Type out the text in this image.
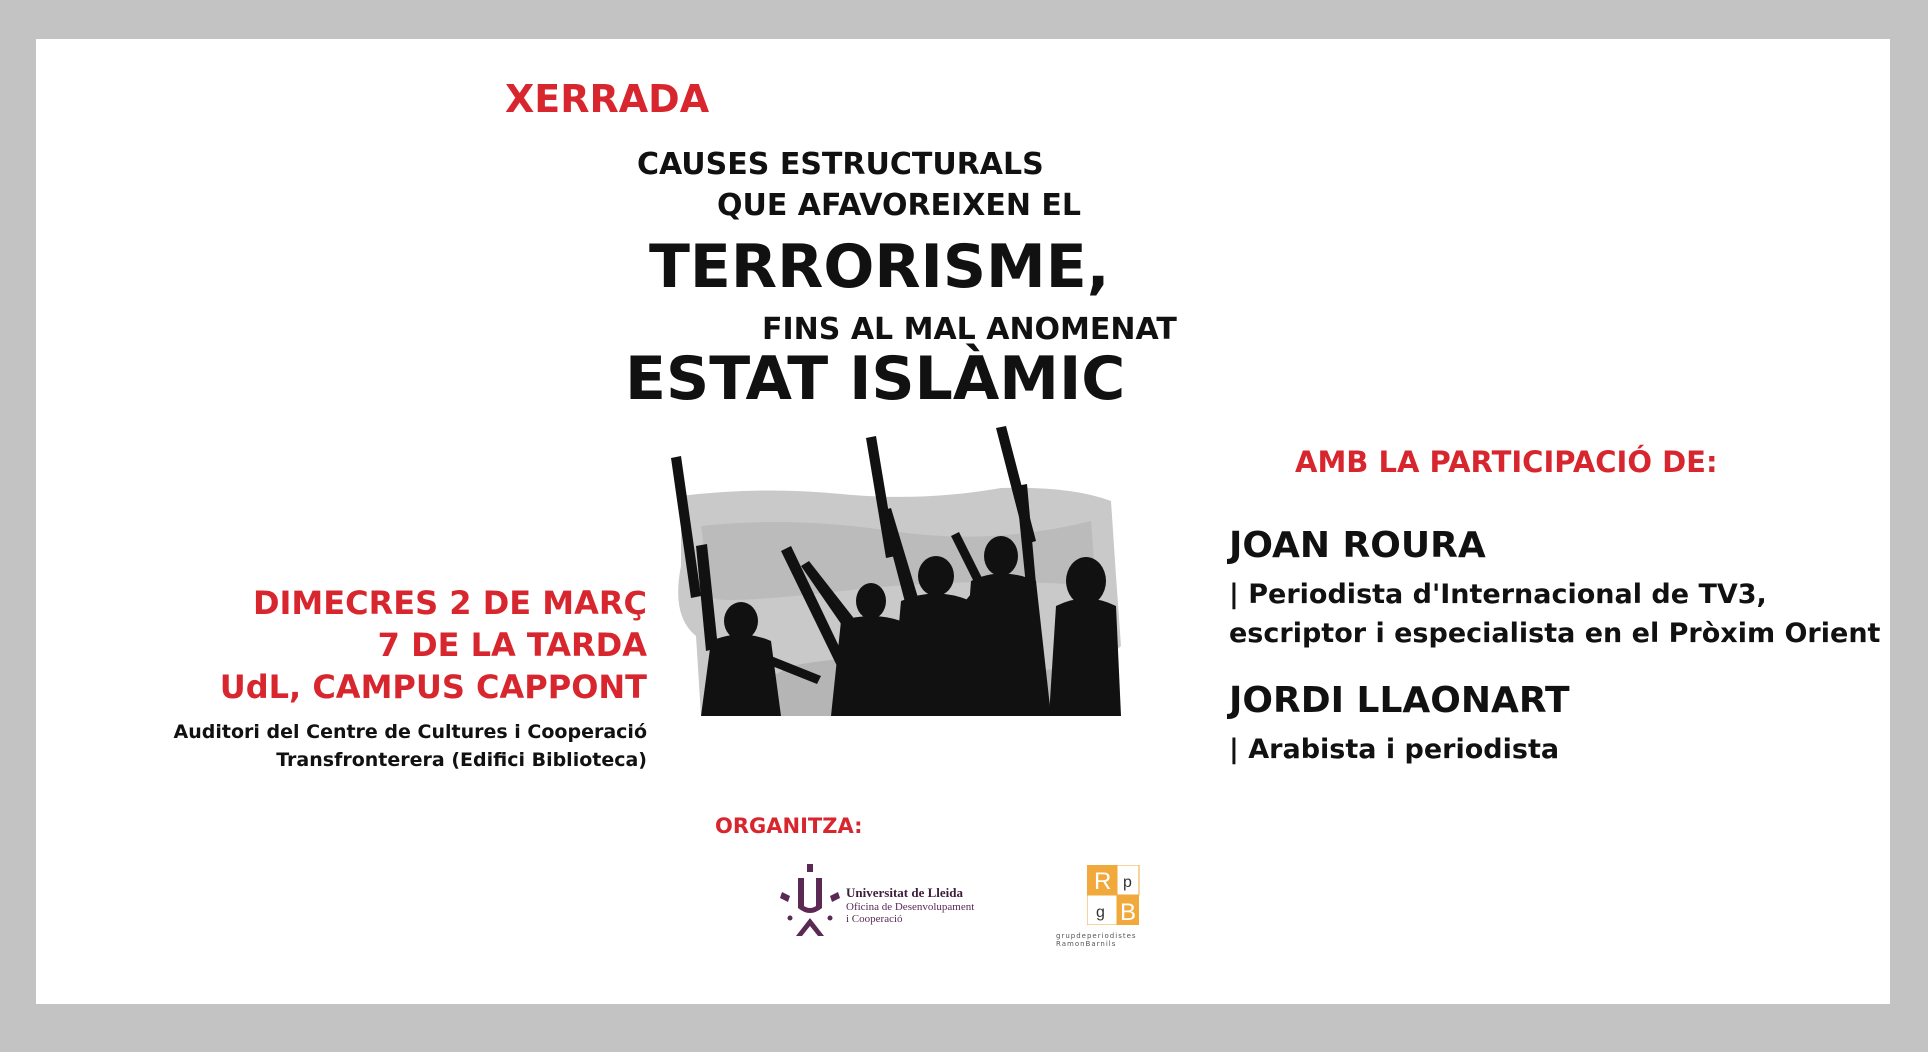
XERRADA
CAUSES ESTRUCTURALS
QUE AFAVOREIXEN EL
TERRORISME,
FINS AL MAL ANOMENAT
ESTAT ISLÀMIC
DIMECRES 2 DE MARÇ
7 DE LA TARDA
UdL, CAMPUS CAPPONT
Auditori del Centre de Cultures i Cooperació
Transfronterera (Edifici Biblioteca)
AMB LA PARTICIPACIÓ DE:
JOAN ROURA
| Periodista d'Internacional de TV3,
escriptor i especialista en el Pròxim Orient
JORDI LLAONART
| Arabista i periodista
ORGANITZA:
Universitat de Lleida
Oficina de Desenvolupament
i Cooperació
R p
g B
grupdeperiodistes
RamonBarnils
